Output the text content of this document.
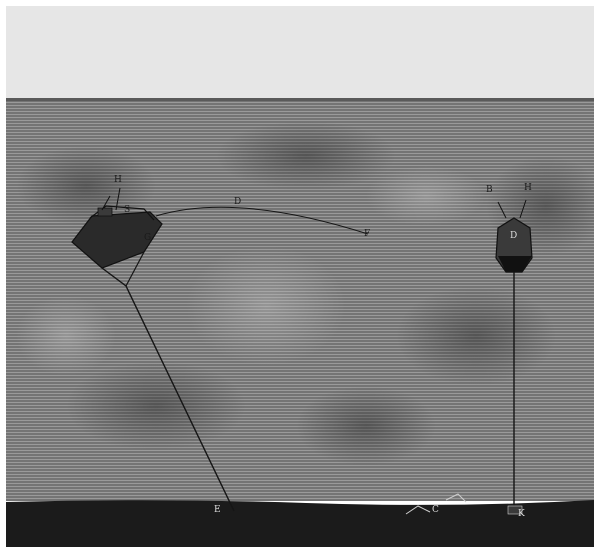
H
S
G
D
F
E
B	H
D
C	K
